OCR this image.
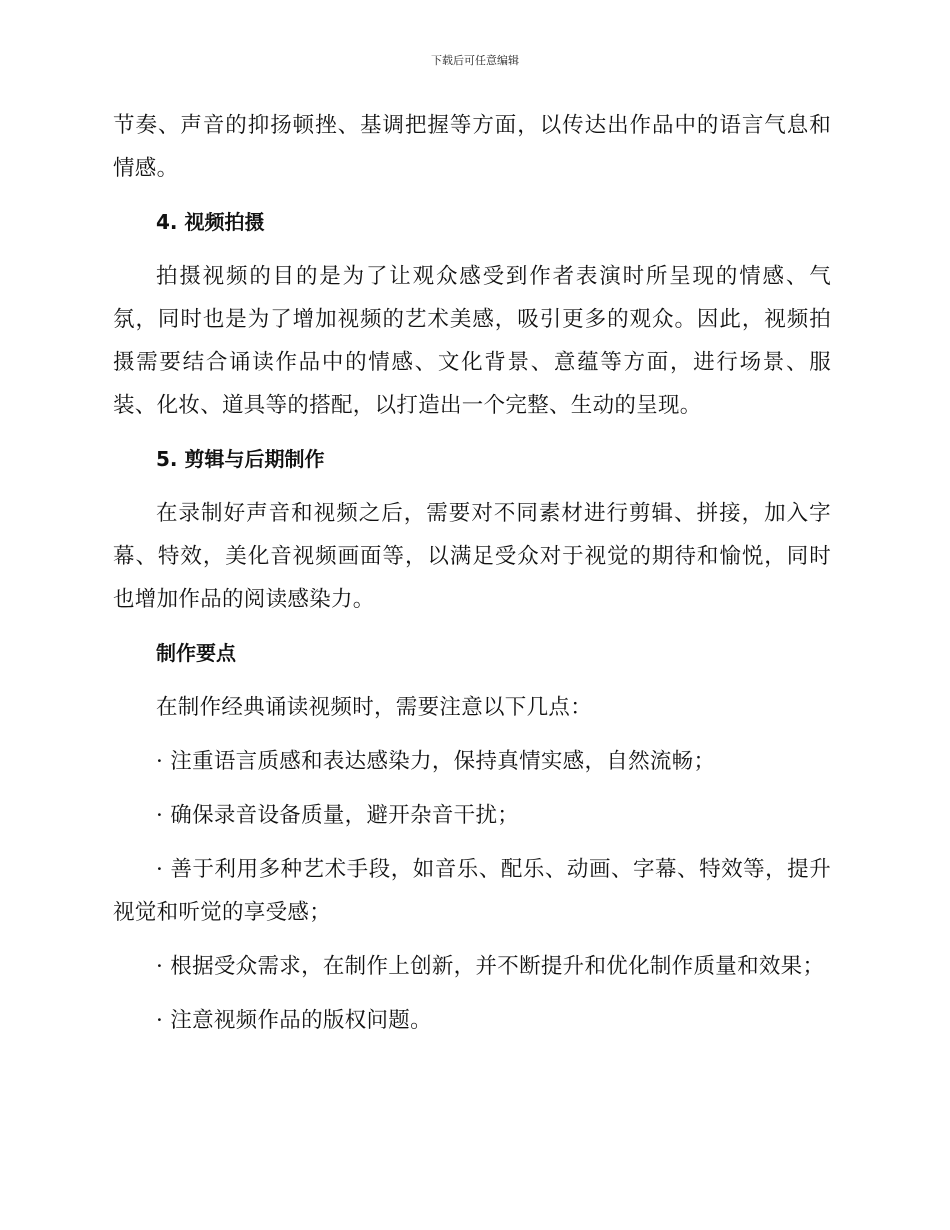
下载后可任意编辑

节奏、声音的抑扬顿挫、基调把握等方面，以传达出作品中的语言气息和情感。

4. 视频拍摄

拍摄视频的目的是为了让观众感受到作者表演时所呈现的情感、气氛，同时也是为了增加视频的艺术美感，吸引更多的观众。因此，视频拍摄需要结合诵读作品中的情感、文化背景、意蕴等方面，进行场景、服装、化妆、道具等的搭配，以打造出一个完整、生动的呈现。

5. 剪辑与后期制作

在录制好声音和视频之后，需要对不同素材进行剪辑、拼接，加入字幕、特效，美化音视频画面等，以满足受众对于视觉的期待和愉悦，同时也增加作品的阅读感染力。

制作要点

在制作经典诵读视频时，需要注意以下几点：

· 注重语言质感和表达感染力，保持真情实感，自然流畅；

· 确保录音设备质量，避开杂音干扰；

· 善于利用多种艺术手段，如音乐、配乐、动画、字幕、特效等，提升视觉和听觉的享受感；

· 根据受众需求，在制作上创新，并不断提升和优化制作质量和效果；

· 注意视频作品的版权问题。
